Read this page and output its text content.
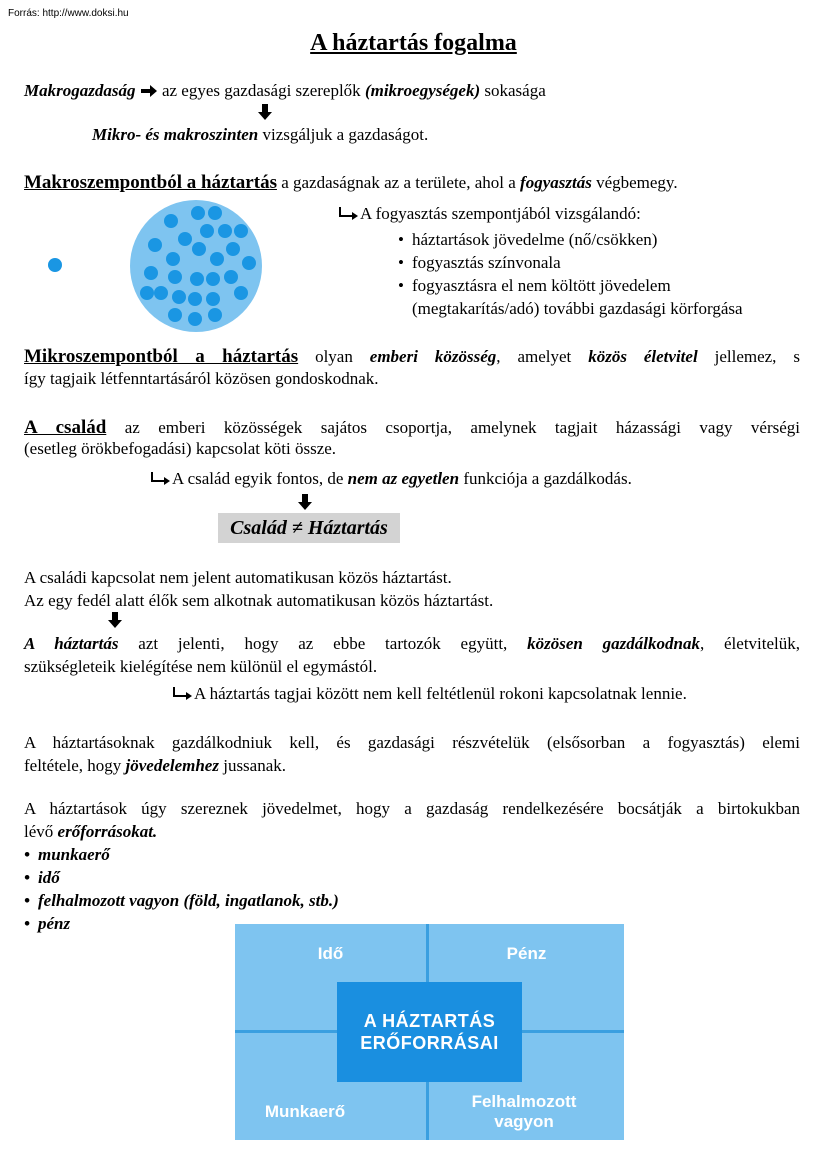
Forrás: http://www.doksi.hu
A háztartás fogalma
Makrogazdaság az egyes gazdasági szereplők (mikroegységek) sokasága
Mikro- és makroszinten vizsgáljuk a gazdaságot.
Makroszempontból a háztartás a gazdaságnak az a területe, ahol a fogyasztás végbemegy.
A fogyasztás szempontjából vizsgálandó:
• háztartások jövedelme (nő/csökken)
• fogyasztás színvonala
• fogyasztásra el nem költött jövedelem
(megtakarítás/adó) további gazdasági körforgása
Mikroszempontból a háztartás olyan emberi közösség, amelyet közös életvitel jellemez, s
így tagjaik létfenntartásáról közösen gondoskodnak.
A család az emberi közösségek sajátos csoportja, amelynek tagjait házassági vagy vérségi
(esetleg örökbefogadási) kapcsolat köti össze.
A család egyik fontos, de nem az egyetlen funkciója a gazdálkodás.
Család ≠ Háztartás
A családi kapcsolat nem jelent automatikusan közös háztartást.
Az egy fedél alatt élők sem alkotnak automatikusan közös háztartást.
A háztartás azt jelenti, hogy az ebbe tartozók együtt, közösen gazdálkodnak, életvitelük,
szükségleteik kielégítése nem különül el egymástól.
A háztartás tagjai között nem kell feltétlenül rokoni kapcsolatnak lennie.
A háztartásoknak gazdálkodniuk kell, és gazdasági részvételük (elsősorban a fogyasztás) elemi
feltétele, hogy jövedelemhez jussanak.
A háztartások úgy szereznek jövedelmet, hogy a gazdaság rendelkezésére bocsátják a birtokukban
lévő erőforrásokat.
• munkaerő
• idő
• felhalmozott vagyon (föld, ingatlanok, stb.)
• pénz
Idő	Pénz
Munkaerő
Felhalmozott
vagyon
A HÁZTARTÁS
ERŐFORRÁSAI
